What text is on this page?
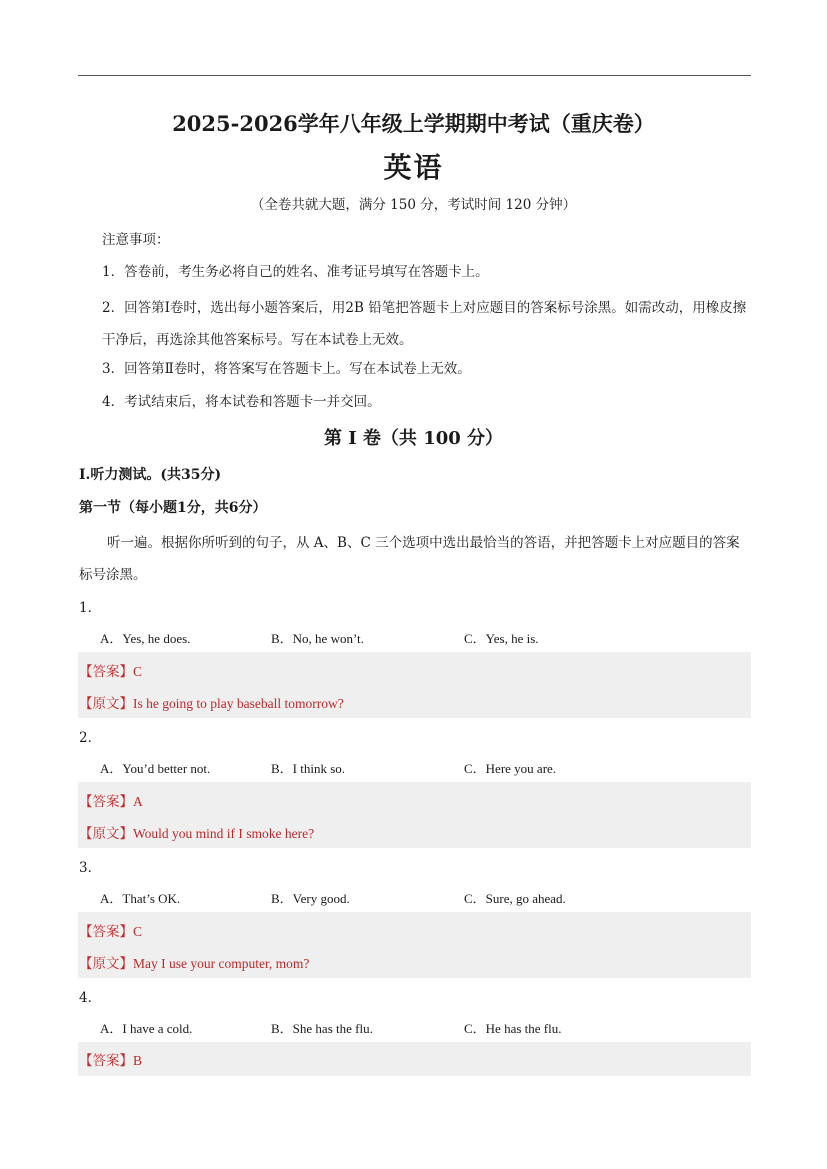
2025-2026学年八年级上学期期中考试（重庆卷）
英语
（全卷共就大题，满分 150 分，考试时间 120 分钟）
注意事项：
1．答卷前，考生务必将自己的姓名、准考证号填写在答题卡上。
2．回答第Ⅰ卷时，选出每小题答案后，用2B 铅笔把答题卡上对应题目的答案标号涂黑。如需改动，用橡皮擦干净后，再选涂其他答案标号。写在本试卷上无效。
3．回答第Ⅱ卷时，将答案写在答题卡上。写在本试卷上无效。
4．考试结束后，将本试卷和答题卡一并交回。
第 I 卷（共 100 分）
I.听力测试。(共35分)
第一节（每小题1分，共6分）
听一遍。根据你所听到的句子，从 A、B、C 三个选项中选出最恰当的答语，并把答题卡上对应题目的答案标号涂黑。
1．
A．Yes, he does.	B．No, he won’t.	C．Yes, he is.
【答案】C
【原文】Is he going to play baseball tomorrow?
2．
A．You’d better not.	B．I think so.	C．Here you are.
【答案】A
【原文】Would you mind if I smoke here?
3．
A．That’s OK.	B．Very good.	C．Sure, go ahead.
【答案】C
【原文】May I use your computer, mom?
4．
A．I have a cold.	B．She has the flu.	C．He has the flu.
【答案】B
